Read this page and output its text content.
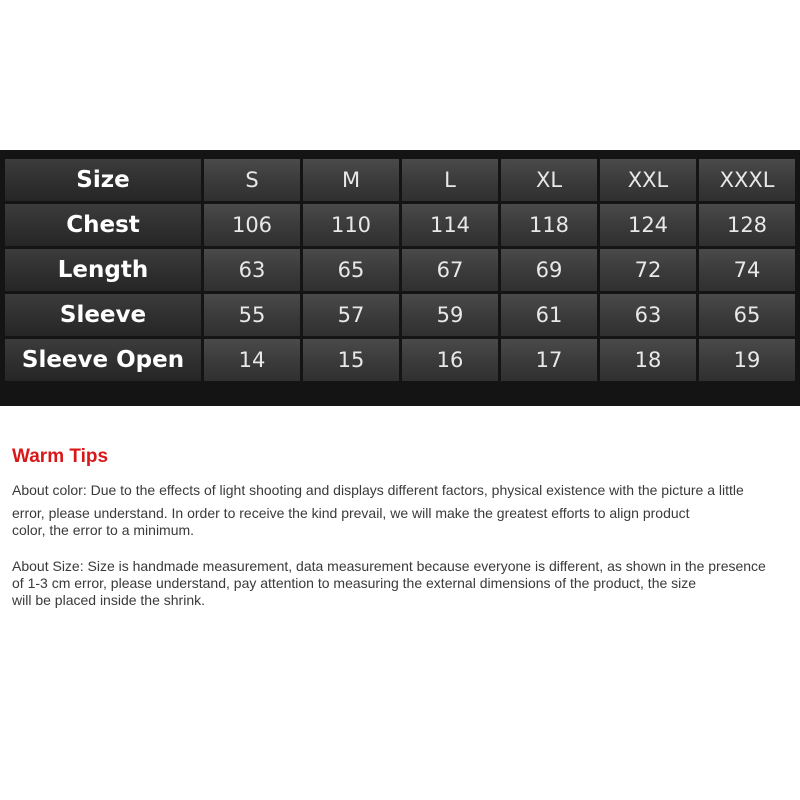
Size	S	M	L	XL	XXL	XXXL
Chest	106	110	114	118	124	128
Length	63	65	67	69	72	74
Sleeve	55	57	59	61	63	65
Sleeve Open	14	15	16	17	18	19
Warm Tips

About color: Due to the effects of light shooting and displays different factors, physical existence with the picture a little

error, please understand. In order to receive the kind prevail, we will make the greatest efforts to align product

color, the error to a minimum.

About Size: Size is handmade measurement, data measurement because everyone is different, as shown in the presence

of 1-3 cm error, please understand, pay attention to measuring the external dimensions of the product, the size

will be placed inside the shrink.
